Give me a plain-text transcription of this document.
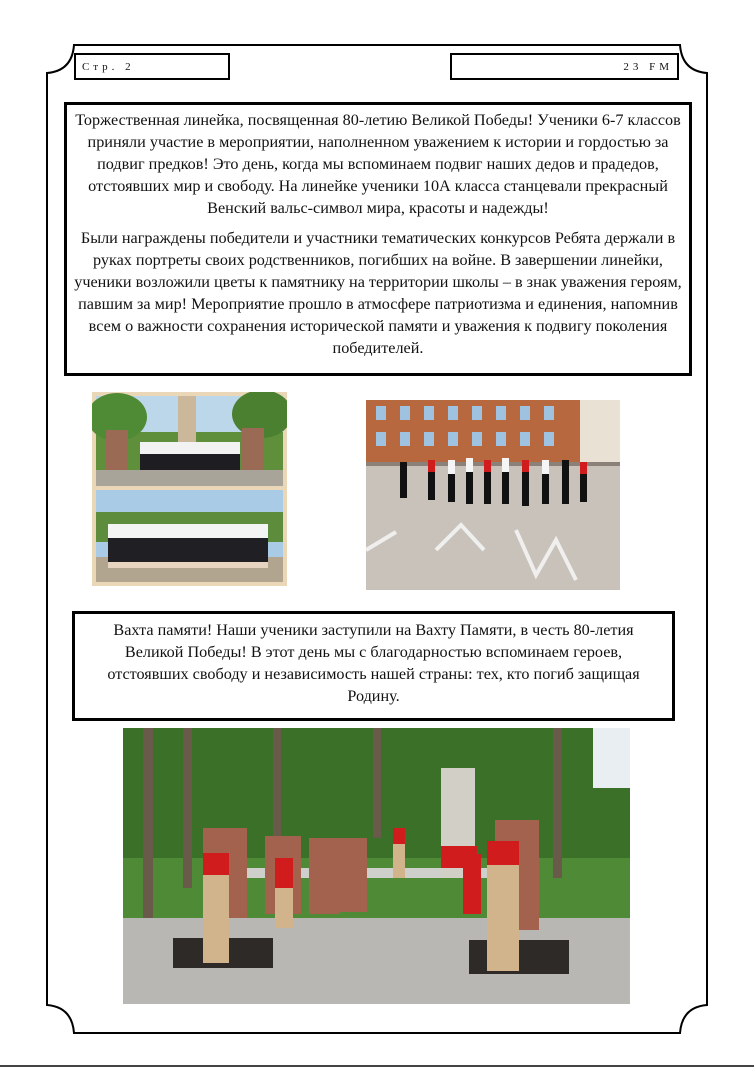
Стр. 2	23 FM

Торжественная линейка, посвященная 80-летию Великой Победы! Ученики 6-7 классов приняли участие в мероприятии, наполненном уважением к истории и гордостью за подвиг предков! Это день, когда мы вспоминаем подвиг наших дедов и прадедов, отстоявших мир и свободу. На линейке ученики 10А класса станцевали прекрасный Венский вальс-символ мира, красоты и надежды!

Были награждены победители и участники тематических конкурсов Ребята держали в руках портреты своих родственников, погибших на войне. В завершении линейки, ученики возложили цветы к памятнику на территории школы – в знак уважения героям, павшим за мир! Мероприятие прошло в атмосфере патриотизма и единения, напомнив всем о важности сохранения исторической памяти и уважения к подвигу поколения победителей.

Вахта памяти! Наши ученики заступили на Вахту Памяти, в честь 80-летия Великой Победы! В этот день мы с благодарностью вспоминаем героев, отстоявших свободу и независимость нашей страны: тех, кто погиб защищая Родину.
